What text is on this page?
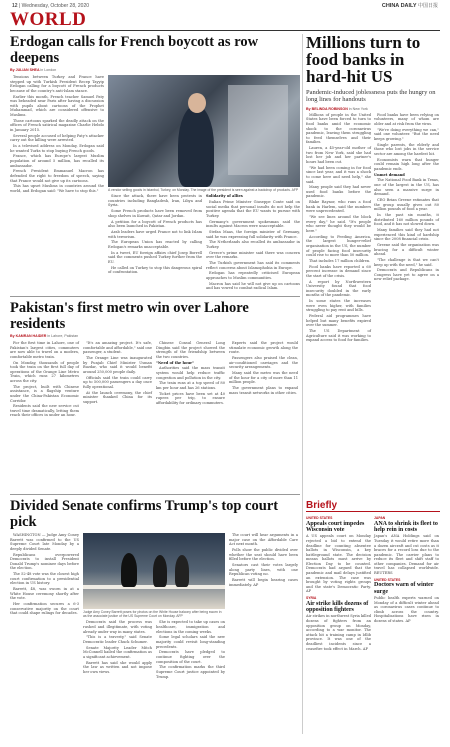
12 | Wednesday, October 28, 2020	CHINA DAILY 中国日报
WORLD
Erdogan calls for French boycott as row deepens
By JULIAN SHEA in London

Tensions between Turkey and France have stepped up with Turkish President Recep Tayyip Erdogan calling for a boycott of French products because of the country's anti-Islam stance.

Earlier this month, French teacher Samuel Paty was beheaded near Paris after having a discussion with pupils about cartoons of the Prophet Muhammad, which are considered offensive to Muslims.

Those cartoons sparked the deadly attack on the offices of French satirical magazine Charlie Hebdo in January 2015.

Several people accused of helping Paty's attacker carry out the killing were arrested.

In a televised address on Monday, Erdogan said he wanted Turks to stop buying French goods.

France, which has Europe's largest Muslim population of around 5 million, has recalled its ambassador.

French President Emmanuel Macron has defended the right to freedom of speech, saying that France would not give up its cartoons.

This has upset Muslims in countries around the world, and Erdogan said: "We have to stop this."	A vendor selling goods in Istanbul, Turkey, on Monday. The image of the president is seen against a backdrop of products. AFP

Since the attack, there have been protests in countries including Bangladesh, Iran, Libya and Syria.

Some French products have been removed from shop shelves in Kuwait, Qatar and Jordan.

A petition for a boycott of French products has also been launched in Pakistan.

Arab leaders have urged France not to link Islam with terrorism.

The European Union has reacted by calling Erdogan's remarks unacceptable.

In a tweet, EU foreign affairs chief Josep Borrell said the comments pushed Turkey further from the EU.

He called on Turkey to stop this dangerous spiral of confrontation.

Solidarity of allies

Italian Prime Minister Giuseppe Conte said on social media that personal insults do not help the positive agenda that the EU wants to pursue with Turkey.

Germany's government spokesman said the insults against Macron were unacceptable.

Stefan Maas, the foreign minister of Germany, said he was expressing full solidarity with France.

The Netherlands also recalled its ambassador in Turkey.

Greece's prime minister said there was concern over the remarks.

The Turkish government has said its comments reflect concerns about Islamophobia in Europe.

Erdogan has repeatedly criticised European approaches to Muslim communities.

Macron has said he will not give up on cartoons and has vowed to combat radical Islam.

Millions turn to food banks in hard-hit US
Pandemic-induced joblessness puts the hungry on long lines for handouts
By BELINDA ROBINSON in New York

Millions of people in the United States have been forced to turn to food banks amid the economic shock to the coronavirus pandemic, leaving them struggling to feed themselves and their families.

Lauren, a 45-year-old mother of two from New York, said she had lost her job and her partner's hours had been cut.

"We had been coming in for food since last year, and it was a shock to come here and need help," she said.

Many people said they had never used food banks before the pandemic.

Blake Raynor, who runs a food bank in Harlem, said the numbers were unprecedented.

"We see lines around the block every day," he said. "It's people who never thought they would be here."

According to Feeding America, the largest hunger-relief organisation in the US, the number of people facing food insecurity could rise to more than 50 million.

That includes 17 million children.

Food banks have reported a 60 percent increase in demand since the start of the crisis.

A report by Northwestern University found that food insecurity doubled in the early months of the pandemic.

In some states the increases were even higher, with families struggling to pay rent and bills.

Federal aid programmes have helped but many benefits expired over the summer.

The US Department of Agriculture said it was working to expand access to food for families.

Food banks have been relying on volunteers, many of whom are older and at risk from the virus.

"We're doing everything we can," said one volunteer. "But the need keeps growing."

Single parents, the elderly and those who lost jobs in the service sector are among the hardest hit.

Economists warn that hunger could remain high long after the pandemic ends.

Unmet demand

The National Food Bank in Texas, one of the largest in the US, has also seen a massive surge in demand.

CEO Brian Greene estimates that the group usually gives out 80 million pounds of food a year.

In the past six months, it distributed 160 million pounds of food, and it has not slowed down.

Many families said they had not experienced this kind of hardship since the 2008 financial crisis.

Greene said the organisation was bracing for a difficult winter ahead.

"The challenge is that we can't keep up with the need," he said.

Democrats and Republicans in Congress have yet to agree on a new relief package.

Pakistan's first metro win over Lahore residents
By KAMRAN HAIDER in Lahore, Pakistan

For the first time in Lahore, one of Pakistan's largest cities, commuters are now able to travel on a modern, comfortable metro train.

On Monday, thousands of people took the train on the first full day of operations of the Orange Line Metro Train, which runs 27 kilometres across the city.

The project, built with Chinese assistance, is a flagship venture under the China-Pakistan Economic Corridor.

Residents said the new service cut travel time dramatically, letting them reach their offices in under an hour.

"It's an amazing project. It's safe, comfortable and affordable," said one passenger, a student.

The Orange Line was inaugurated by Punjab Chief Minister Usman Buzdar, who said it would benefit around 250,000 people daily.

Officials said the train could carry up to 500,000 passengers a day once fully operational.

At the launch ceremony, the chief minister thanked China for its support.

Chinese Consul General Long Dingbin said the project showed the strength of the friendship between the two countries.

"Need of the hour"

Authorities said the mass transit system would help reduce traffic congestion and pollution in the city.

The train runs at a top speed of 80 km per hour and has 26 stations.

Ticket prices have been set at 40 rupees per trip, to ensure affordability for ordinary commuters.

Experts said the project would stimulate economic growth along the route.

Passengers also praised the clean, air-conditioned carriages and the security arrangements.

Many said the metro was the need of the hour for a city of more than 11 million people.

The government plans to expand mass transit networks in other cities.

Divided Senate confirms Trump's top court pick

WASHINGTON — Judge Amy Coney Barrett was confirmed to the US Supreme Court late Monday by a deeply divided Senate.

Republicans overpowered Democrats to install President Donald Trump's nominee days before the election.

The 52-48 vote was the closest high court confirmation to a presidential election in US history.

Barrett, 48, was sworn in at a White House ceremony shortly after the vote.

Her confirmation secures a 6-3 conservative majority on the court that could shape rulings for decades.	Judge Amy Coney Barrett poses for photos on the White House balcony after being sworn in as the associate justice of the US Supreme Court on Monday. AFP

Democrats said the process was rushed and illegitimate, with voting already under way in many states.

"This is a travesty," said Senate Democratic leader Chuck Schumer.

Senate Majority Leader Mitch McConnell hailed the confirmation as a significant achievement.

Barrett has said she would apply the law as written and not impose her own views.

She is expected to take up cases on healthcare, immigration and elections in the coming weeks.

Some legal scholars said the new majority could revisit long-standing precedents.

Democrats have pledged to continue fighting over the composition of the court.

The confirmation marks the third Supreme Court justice appointed by Trump.

The court will hear arguments in a major case on the Affordable Care Act next month.

Polls show the public divided over whether the seat should have been filled before the election.

Senators cast their votes largely along party lines, with one Republican voting no.

Barrett will begin hearing cases immediately. AP

Briefly
UNITED STATES
Appeals court impedes Wisconsin vote
A US appeals court on Monday rejected a bid to extend the deadline for counting absentee ballots in Wisconsin, a key battleground state. The decision means ballots must arrive by Election Day to be counted. Democrats had argued that the pandemic and mail delays justified an extension. The case was brought by voting rights groups and the state's Democratic Party. AP
SYRIA
Air strike kills dozens of opposition fighters
Air strikes in northwest Syria killed dozens of fighters from an opposition group on Monday, according to a war monitor. The attack hit a training camp in Idlib province. It was one of the deadliest incidents since a ceasefire took effect in March. AP
JAPAN
ANA to shrink its fleet to help rein in costs
Japan's ANA Holdings said on Tuesday it would retire more than a dozen aircraft and cut costs as it braces for a record loss due to the pandemic. The carrier plans to reduce its fleet and shift staff to other companies. Demand for air travel has collapsed worldwide. REUTERS
UNITED STATES
Doctors warn of winter surge
Public health experts warned on Monday of a difficult winter ahead as coronavirus cases continue to climb across the country. Hospitalisations have risen in dozens of states. AP
